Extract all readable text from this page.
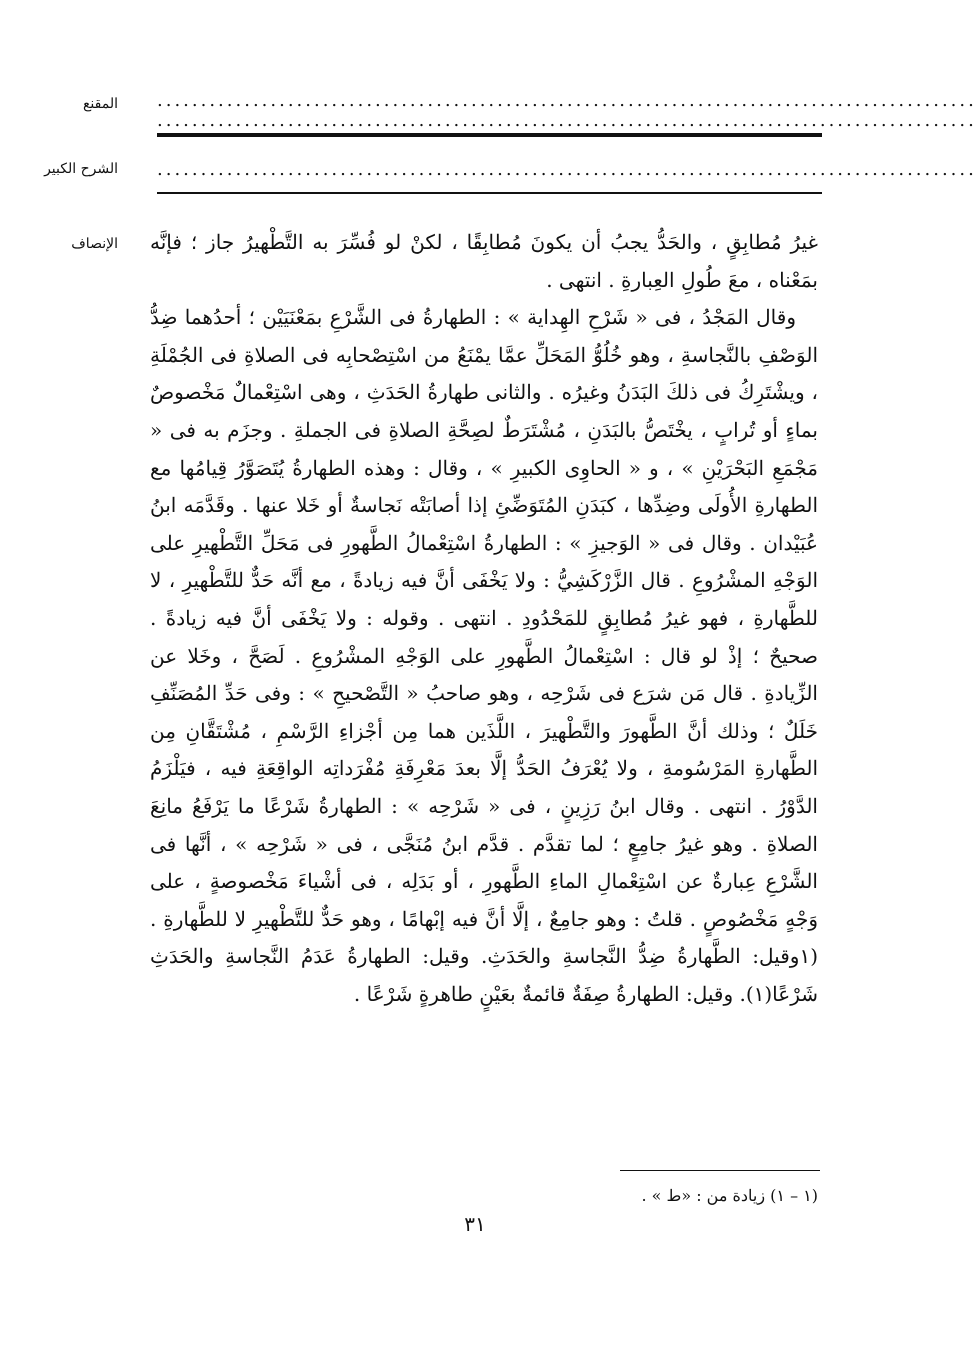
المقنع ..............................................................................................
..............................................................................................
الشرح الكبير ..............................................................................................
الإنصاف غيرُ مُطابِقٍ ، والحَدُّ يجبُ أن يكونَ مُطابِقًا ، لكنْ لو فُسِّرَ به التَّطْهيرُ جاز ؛ فإنَّه بمَعْناه ، معَ طُولِ العِبارةِ . انتهى .

وقال المَجْدُ ، فى « شَرْحِ الهِداية » : الطهارةُ فى الشَّرْعِ بمَعْنَيَيْن ؛ أحدُهما ضِدُّ الوَصْفِ بالنَّجاسةِ ، وهو خُلُوُّ المَحَلِّ عمَّا يمْنَعُ من اسْتِصْحابِه فى الصلاةِ فى الجُمْلَةِ ، ويشْتَرِكُ فى ذلكَ البَدَنُ وغيرُه . والثانى طهارةُ الحَدَثِ ، وهى اسْتِعْمالٌ مَخْصوصٌ بماءٍ أو تُرابٍ ، يخْتَصُّ بالبَدَنِ ، مُشْتَرَطٌ لصِحَّةِ الصلاةِ فى الجملةِ . وجزَم به فى « مَجْمَعِ البَحْرَيْنِ » ، و « الحاوِى الكبيرِ » ، وقال : وهذه الطهارةُ يُتَصَوَّرُ قِيامُها مع الطهارةِ الأُولَى وضِدِّها ، كبَدَنِ المُتَوَضِّئِ إذا أصابَتْه نَجاسةٌ أو خَلا عنها . وقَدَّمَه ابنُ عُبَيْدان . وقال فى « الوَجيزِ » : الطهارةُ اسْتِعْمالُ الطَّهورِ فى مَحَلِّ التَّطْهيرِ على الوَجْهِ المشْرُوعِ . قال الزَّرْكَشِيُّ : ولا يَخْفَى أنَّ فيه زيادةً ، مع أنَّه حَدٌّ للتَّطْهيرِ ، لا للطَّهارةِ ، فهو غيرُ مُطابِقٍ للمَحْدُودِ . انتهى . وقوله : ولا يَخْفَى أنَّ فيه زيادةً . صحيحٌ ؛ إذْ لو قال : اسْتِعْمالُ الطَّهورِ على الوَجْهِ المشْرُوعِ . لَصَحَّ ، وخَلا عن الزِّيادةِ . قال مَن شرَع فى شَرْحِه ، وهو صاحبُ « التَّصْحيحِ » : وفى حَدِّ المُصَنِّفِ خَلَلٌ ؛ وذلك أنَّ الطَّهورَ والتَّطْهيرَ ، اللَّذَين هما مِن أجْزاءِ الرَّسْمِ ، مُشْتَقَّانِ مِن الطَّهارةِ المَرْسُومةِ ، ولا يُعْرَفُ الحَدُّ إلَّا بعدَ مَعْرِفَةِ مُفْرَداتِه الواقِعَةِ فيه ، فيَلْزَمُ الدَّوْرُ . انتهى . وقال ابنُ رَزِينٍ ، فى « شَرْحِه » : الطهارةُ شَرْعًا ما يَرْفَعُ مانِعَ الصلاةِ . وهو غيرُ جامِعٍ ؛ لما تقدَّم . قدَّم ابنُ مُنَجَّى ، فى « شَرْحِه » ، أنَّها فى الشَّرْعِ عِبارةٌ عن اسْتِعْمالِ الماءِ الطَّهورِ ، أو بَدَلِه ، فى أشْياءَ مَخْصوصةٍ ، على وَجْهٍ مَخْصُوصٍ . قلتُ : وهو جامِعٌ ، إلَّا أنَّ فيه إبْهامًا ، وهو حَدٌّ للتَّطْهيرِ لا للطَّهارةِ . (١وقيل: الطَّهارةُ ضِدُّ النَّجاسةِ والحَدَثِ. وقيل: الطهارةُ عَدَمُ النَّجاسةِ والحَدَثِ شَرْعًا(١). وقيل: الطهارةُ صِفَةٌ قائمةٌ بعَيْنٍ طاهرةٍ شَرْعًا .

(١ – ١) زيادة من : «ط » .
٣١
